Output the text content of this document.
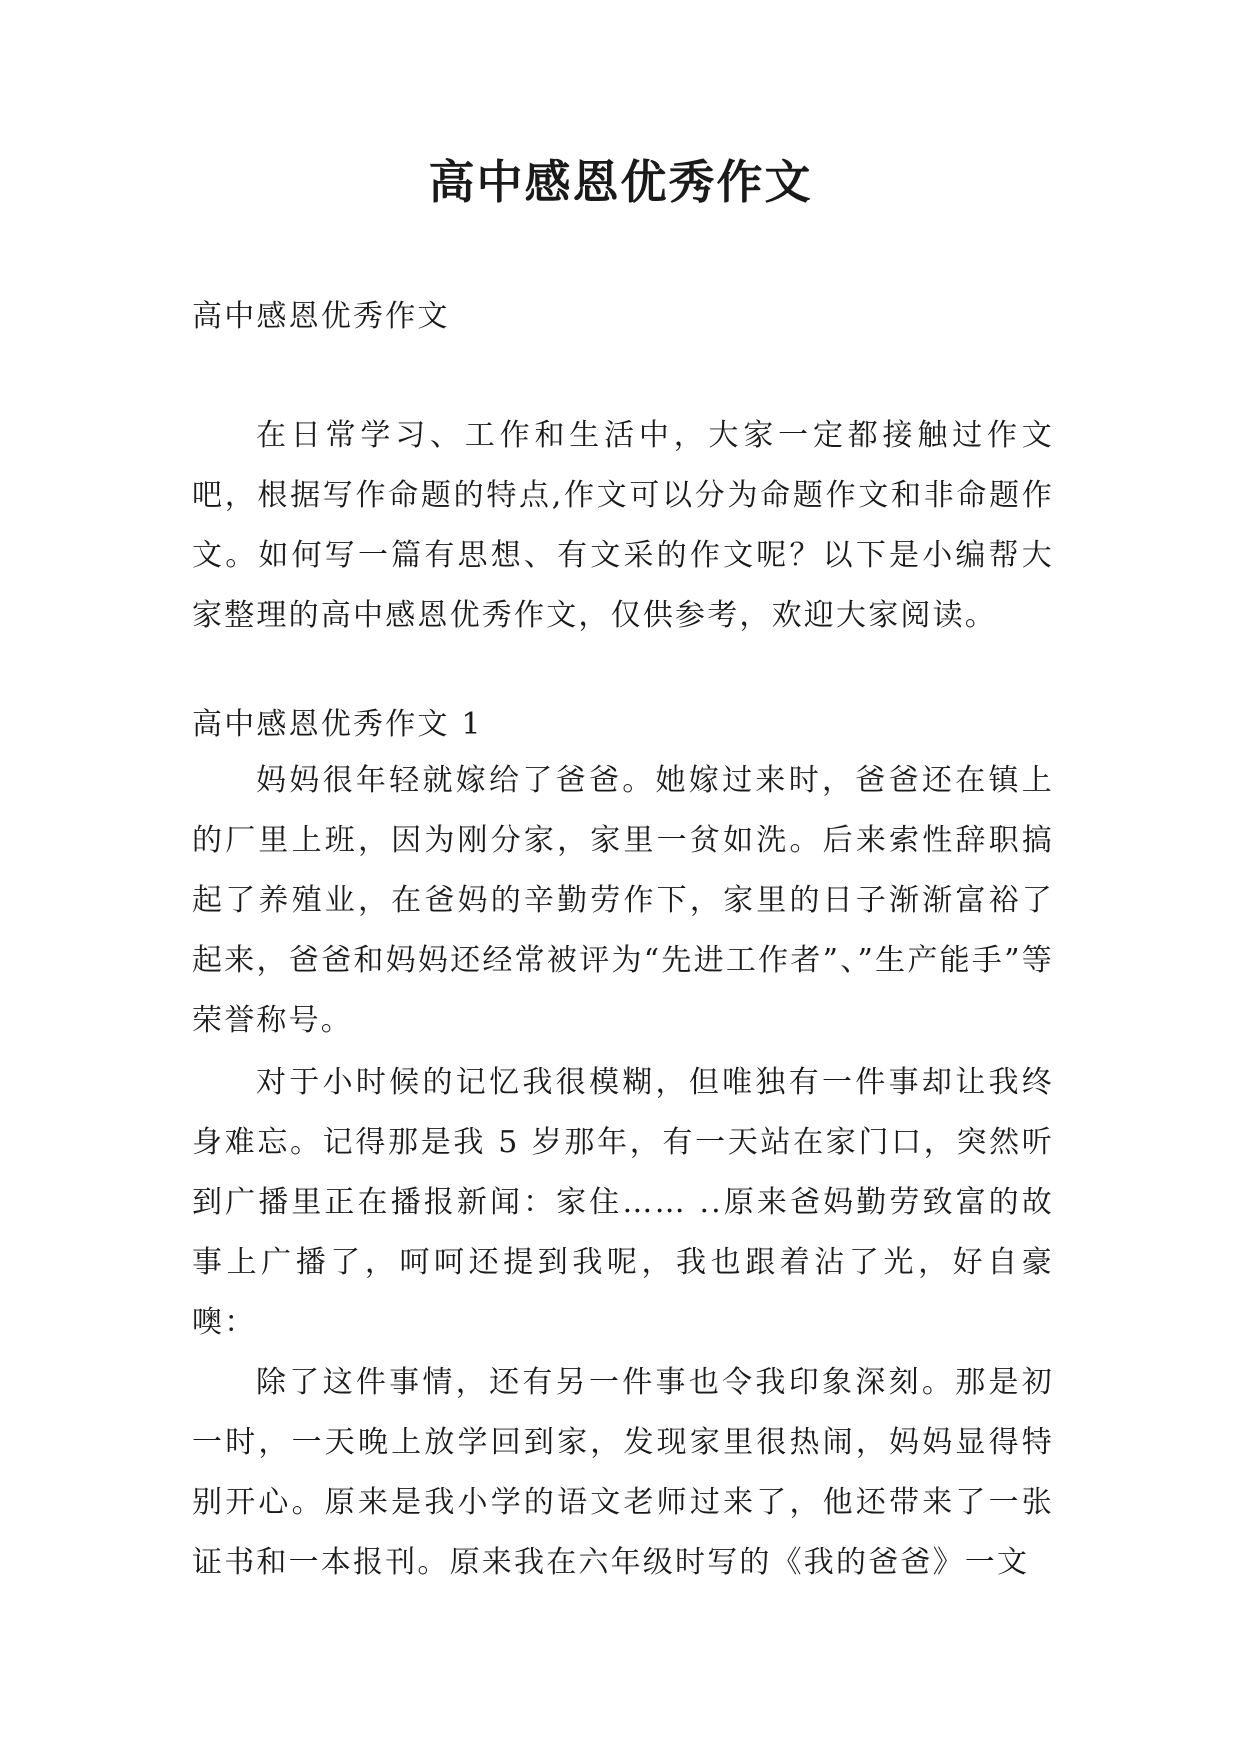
高中感恩优秀作文

高中感恩优秀作文

在日常学习、工作和生活中，大家一定都接触过作文吧，根据写作命题的特点,作文可以分为命题作文和非命题作文。如何写一篇有思想、有文采的作文呢？以下是小编帮大家整理的高中感恩优秀作文，仅供参考，欢迎大家阅读。

高中感恩优秀作文 1

妈妈很年轻就嫁给了爸爸。她嫁过来时，爸爸还在镇上的厂里上班，因为刚分家，家里一贫如洗。后来索性辞职搞起了养殖业，在爸妈的辛勤劳作下，家里的日子渐渐富裕了起来，爸爸和妈妈还经常被评为“先进工作者”、”生产能手”等荣誉称号。

对于小时候的记忆我很模糊，但唯独有一件事却让我终身难忘。记得那是我 5 岁那年，有一天站在家门口，突然听到广播里正在播报新闻：家住…… ..原来爸妈勤劳致富的故事上广播了，呵呵还提到我呢，我也跟着沾了光，好自豪噢：

除了这件事情，还有另一件事也令我印象深刻。那是初一时，一天晚上放学回到家，发现家里很热闹，妈妈显得特别开心。原来是我小学的语文老师过来了，他还带来了一张证书和一本报刊。原来我在六年级时写的《我的爸爸》一文
